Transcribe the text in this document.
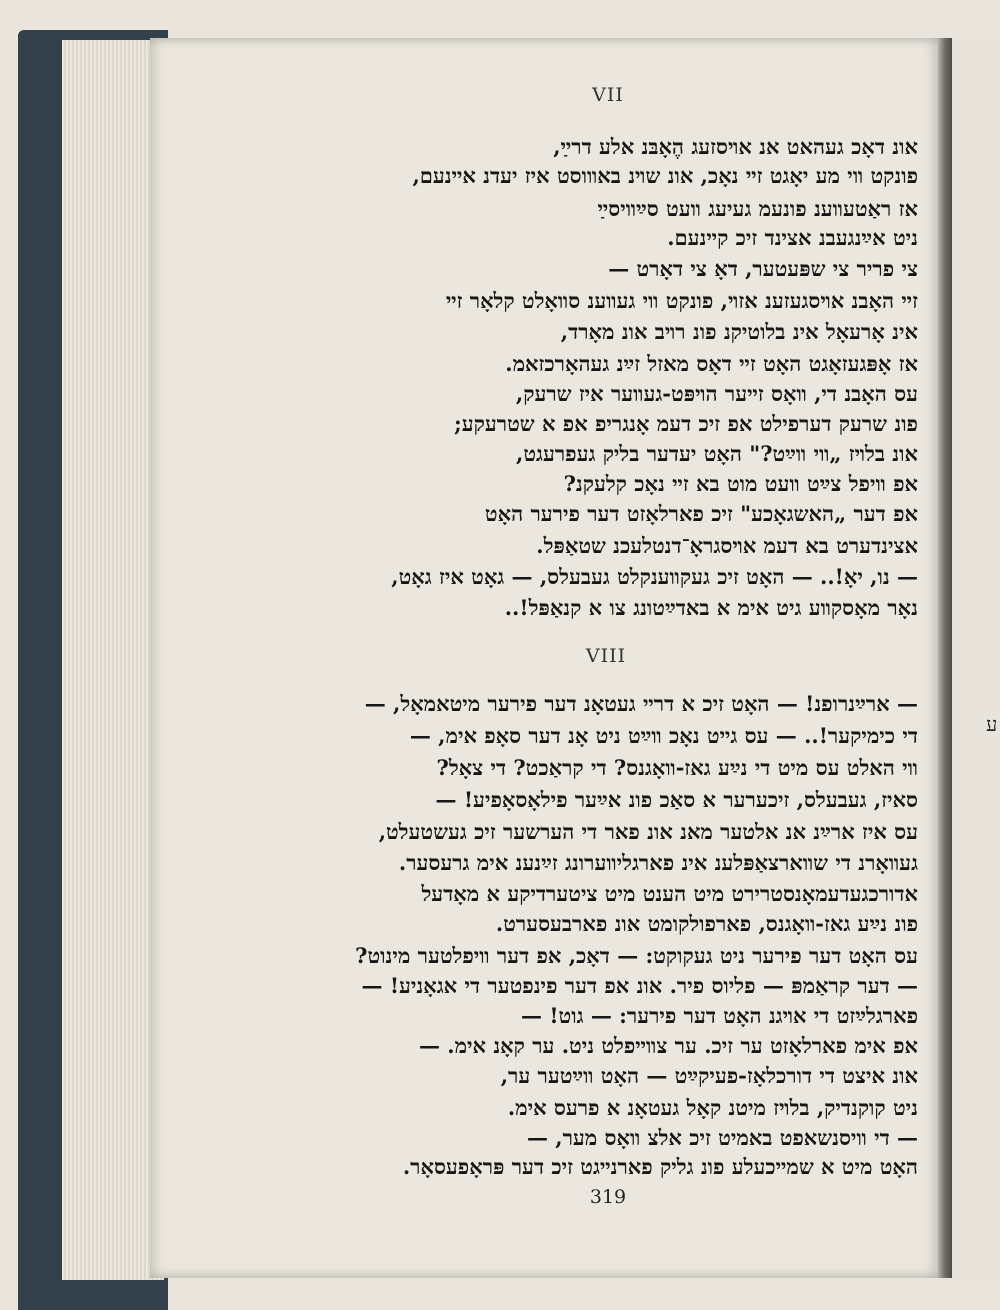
ע
VII
אונ דאָכ געהאט אנ אױסזעג הֶאָבּנ אלע דרײַ,
פונקט װי מע יאָגט זײ נאָכ, אונ שױנ באװוסט איז יעדנ אײנעם,
אז ראַטעװענ פונעמ געיעג װעט סײַװיסײַ
ניט אײַנגעבנ אצינד זיכ קײנעם.
צי פריר צי שפּעטער, דאָ צי דאָרט —
זײ האָבנ אױסגעזענ אזױ, פונקט װי געװענ סװאָלט קלאָר זײ
אינ אָרעאָל אינ בלוטיקנ פונ רױב אונ מאָרד,
אז אָפּגעזאָגט האָט זײ דאָס מאזל זײַנ געהאָרכזאמ.
עס האָבנ די, װאָס זײער הױפּט-געװער איז שרעק,
פונ שרעק דערפילט אפ זיכ דעמ אָנגריפ אפ א שטרעקע;
אונ בלױז „װי װײַט?" האָט יעדער בליק געפרעגט,
אפ װיפל צײַט װעט מוט בא זײ נאָכ קלעקנ?
אפ דער „האשגאָכע" זיכ פארלאָזט דער פירער האָט
אצינדערט בא דעמ אױסגראָ־דנטלעכנ שטאַפּל.
— נו, יאָ!.. — האָט זיכ געקװענקלט געבעלס, — גאָט איז גאָט,
נאָר מאָסקװע גיט אימ א באדײַטונג צו א קנאַפּל!..
VIII
— ארײַנרופנ! — האָט זיכ א דרײ געטאָנ דער פירער מיטאמאָל, —
די כימיקער!.. — עס גײט נאָכ װײַט ניט אָנ דער סאָפ אימ, —
װי האלט עס מיט די נײַע גאז-װאָגנס? די קראַכט? די צאָל?
סאיז, געבעלס, זיכערער א סאַכ פונ אײַער פילאָסאָפיע! —
עס איז ארײַנ אנ אלטער מאנ אונ פאר די הערשער זיכ געשטעלט,
געװאָרנ די שװארצאַפּלענ אינ פארגליװערונג זײַנענ אימ גרעסער.
אדורכגעדעמאָנסטרירט מיט הענט מיט ציטערדיקע א מאָדעל
פונ נײַע גאז-װאָגנס, פארפולקומט אונ פארבעסערט.
עס האָט דער פירער ניט געקוקט: — דאָכ, אפ דער װיפלטער מינוט?
— דער קראַמפּ — פליוס פיר. אונ אפ דער פינפטער די אגאָניע! —
פארגלײַזט די אױגנ האָט דער פירער: — גוט! —
אפ אימ פארלאָזט ער זיכ. ער צװײפלט ניט. ער קאָנ אימ. —
אונ איצט די דורכלאָז-פעיקײַט — האָט װײַטער ער,
ניט קוקנדיק, בלױז מיטנ קאָל געטאָנ א פרעס אימ.
— די װיסנשאפט באמיט זיכ אלצ װאָס מער, —
האָט מיט א שמײכעלע פונ גליק פארנײגט זיכ דער פּראָפעסאָר.
319
